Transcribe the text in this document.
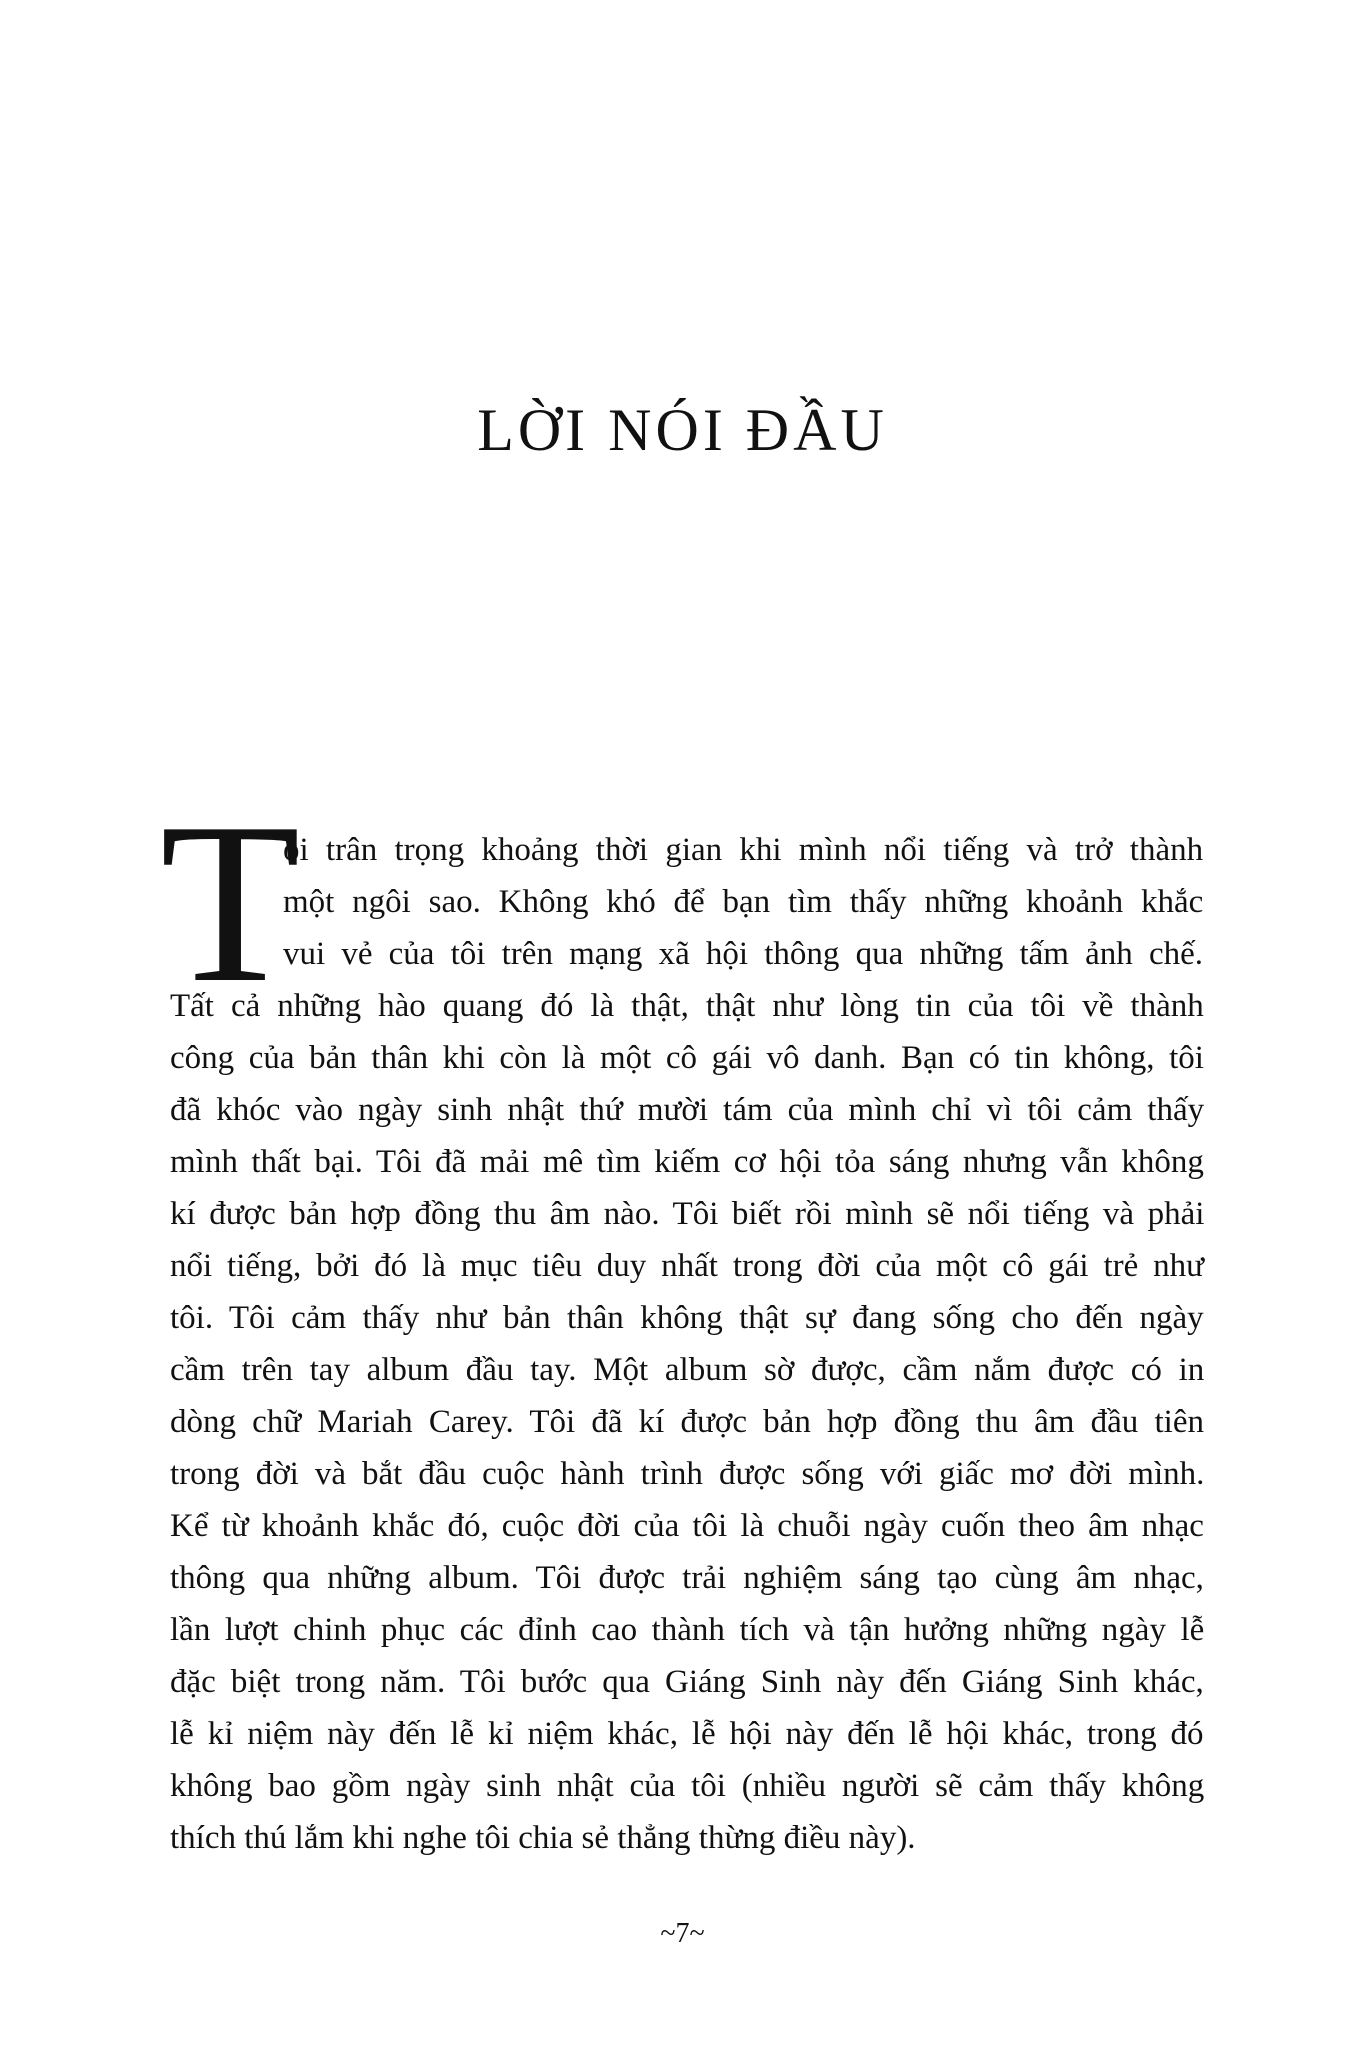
LỜI NÓI ĐẦU
T

ôi trân trọng khoảng thời gian khi mình nổi tiếng và trở thành

một ngôi sao. Không khó để bạn tìm thấy những khoảnh khắc

vui vẻ của tôi trên mạng xã hội thông qua những tấm ảnh chế.

Tất cả những hào quang đó là thật, thật như lòng tin của tôi về thành

công của bản thân khi còn là một cô gái vô danh. Bạn có tin không, tôi

đã khóc vào ngày sinh nhật thứ mười tám của mình chỉ vì tôi cảm thấy

mình thất bại. Tôi đã mải mê tìm kiếm cơ hội tỏa sáng nhưng vẫn không

kí được bản hợp đồng thu âm nào. Tôi biết rồi mình sẽ nổi tiếng và phải

nổi tiếng, bởi đó là mục tiêu duy nhất trong đời của một cô gái trẻ như

tôi. Tôi cảm thấy như bản thân không thật sự đang sống cho đến ngày

cầm trên tay album đầu tay. Một album sờ được, cầm nắm được có in

dòng chữ Mariah Carey. Tôi đã kí được bản hợp đồng thu âm đầu tiên

trong đời và bắt đầu cuộc hành trình được sống với giấc mơ đời mình.

Kể từ khoảnh khắc đó, cuộc đời của tôi là chuỗi ngày cuốn theo âm nhạc

thông qua những album. Tôi được trải nghiệm sáng tạo cùng âm nhạc,

lần lượt chinh phục các đỉnh cao thành tích và tận hưởng những ngày lễ

đặc biệt trong năm. Tôi bước qua Giáng Sinh này đến Giáng Sinh khác,

lễ kỉ niệm này đến lễ kỉ niệm khác, lễ hội này đến lễ hội khác, trong đó

không bao gồm ngày sinh nhật của tôi (nhiều người sẽ cảm thấy không

thích thú lắm khi nghe tôi chia sẻ thẳng thừng điều này).

~7~
